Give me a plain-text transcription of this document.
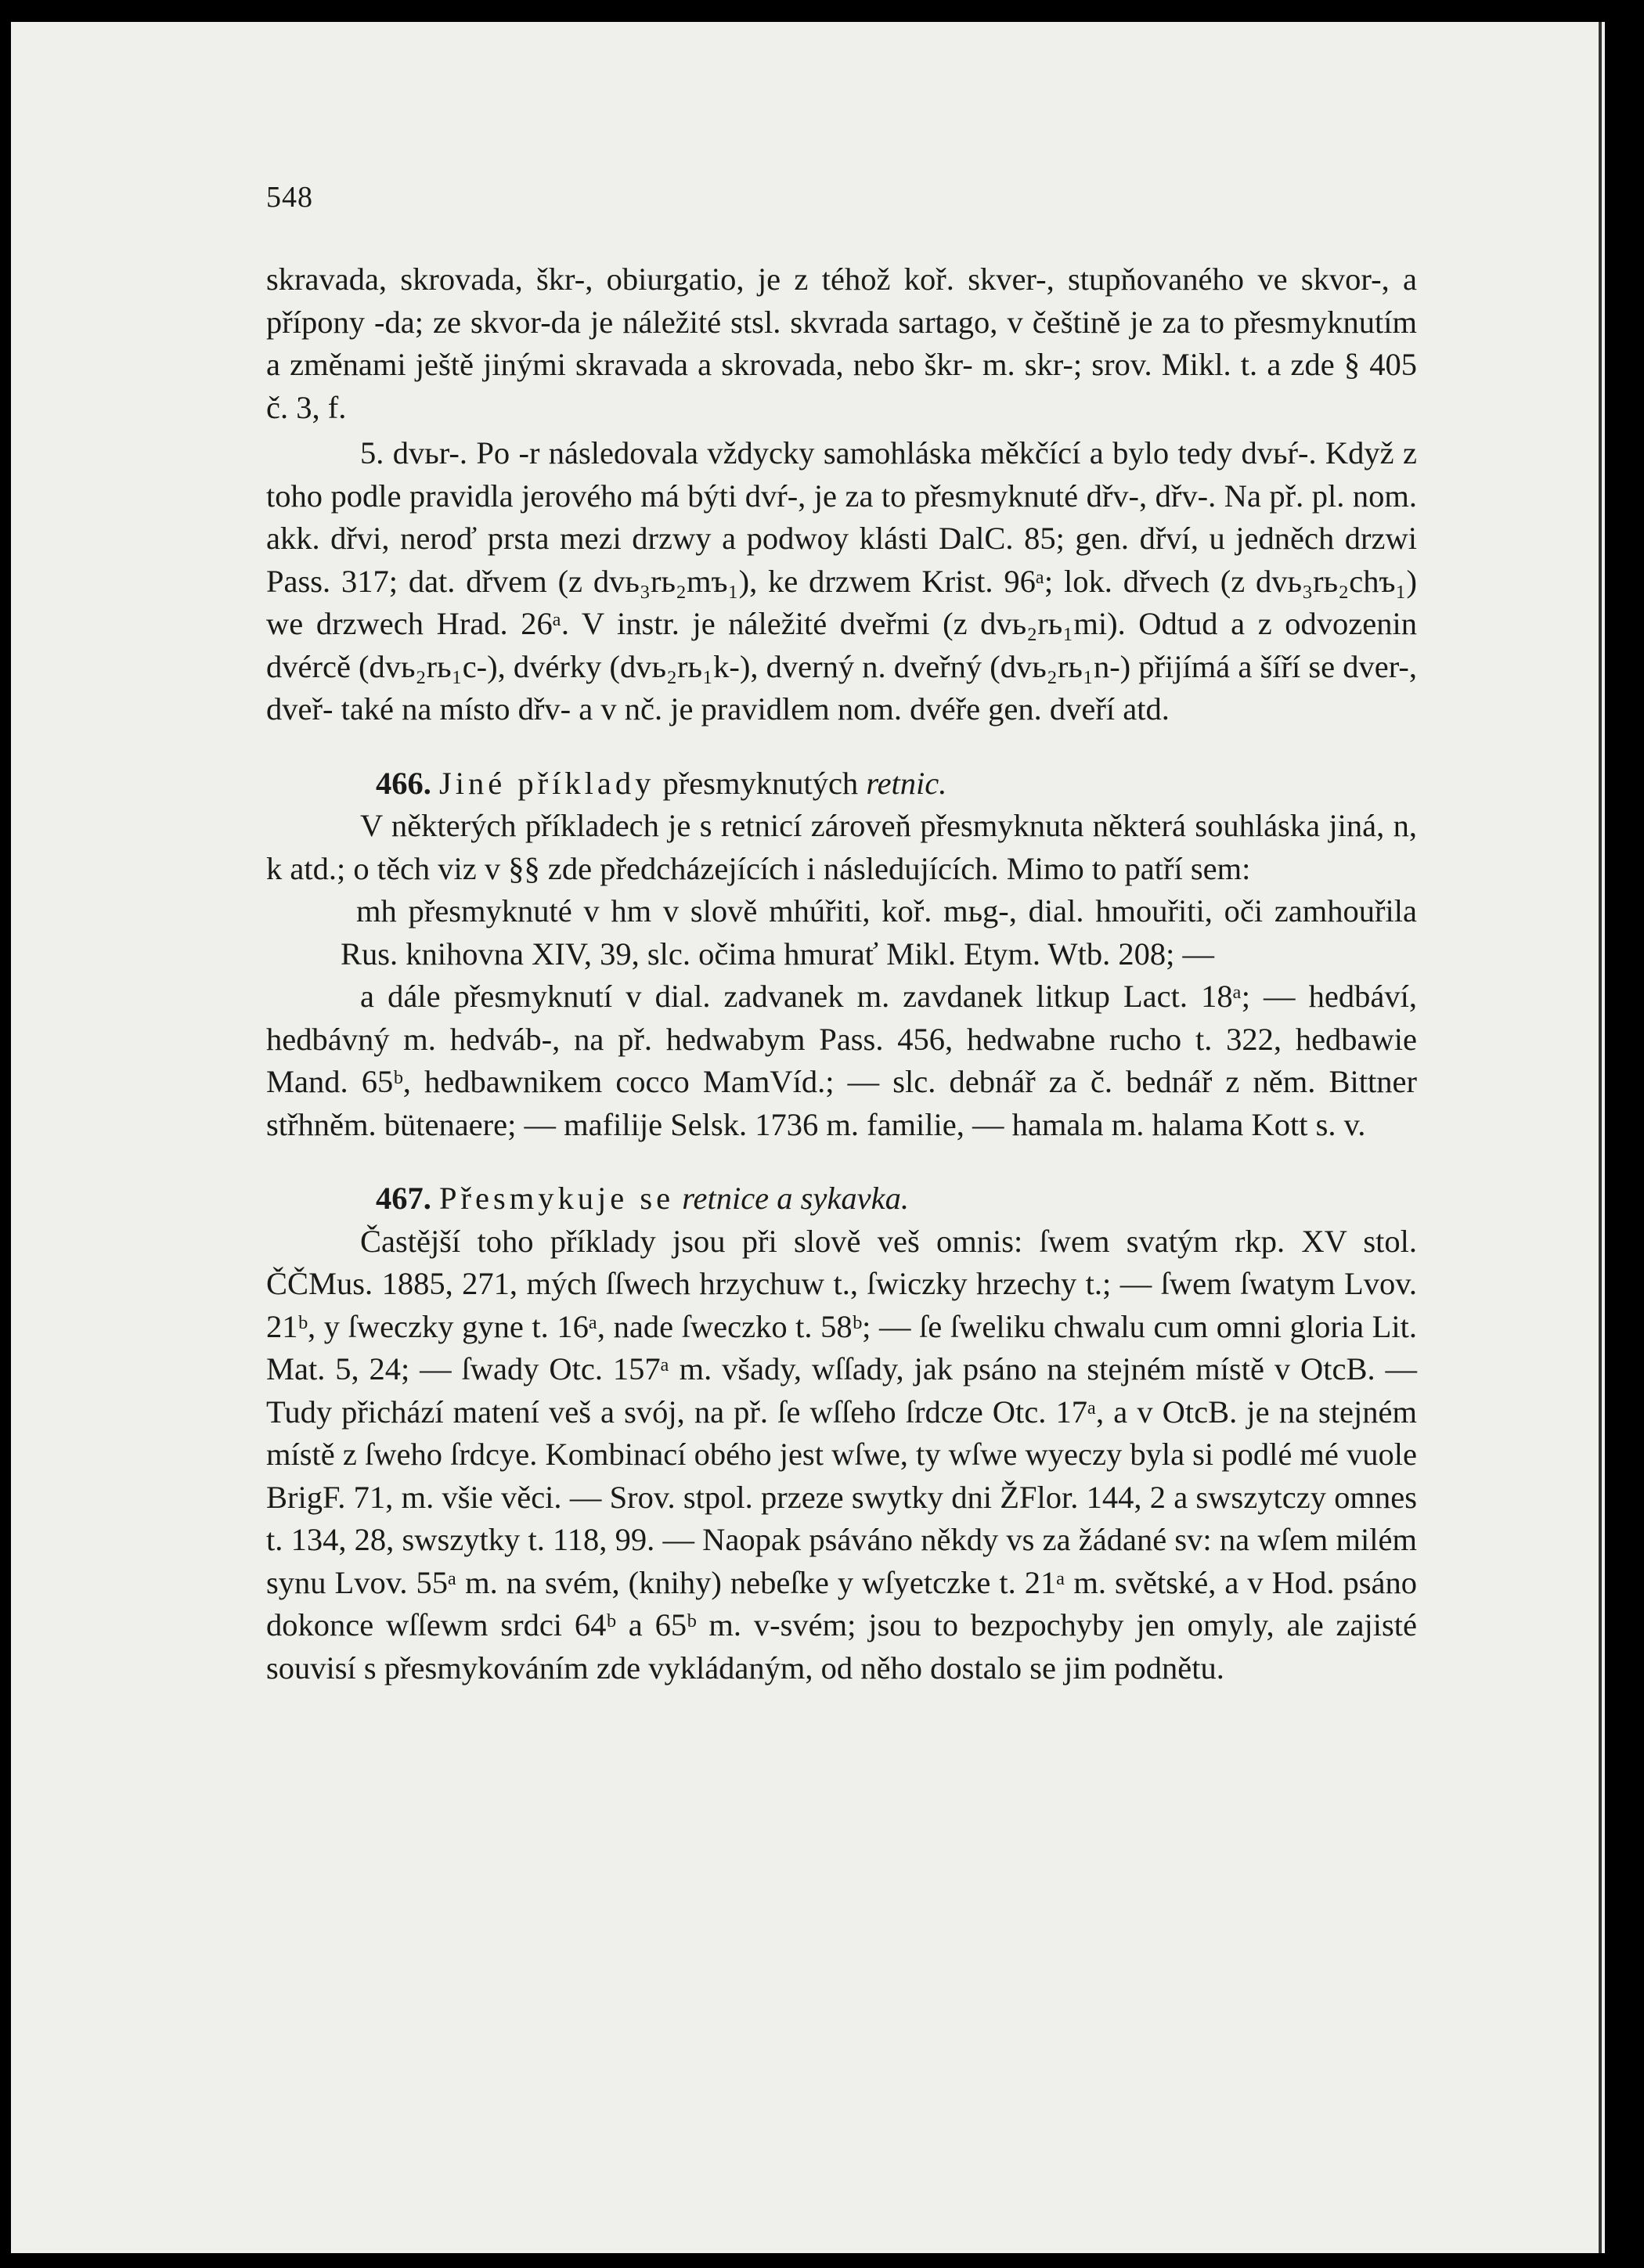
548

skravada, skrovada, škr-, obiurgatio, je z téhož koř. skver-, stupňovaného ve skvor-, a přípony -da; ze skvor-da je náležité stsl. skvrada sartago, v češtině je za to přesmyknutím a změnami ještě jinými skravada a skrovada, nebo škr- m. skr-; srov. Mikl. t. a zde § 405 č. 3, f.

5. dvьr-. Po -r následovala vždycky samohláska měkčící a bylo tedy dvьŕ-. Když z toho podle pravidla jerového má býti dvŕ-, je za to přesmyknuté dřv-, dřv-. Na př. pl. nom. akk. dřvi, neroď prsta mezi drzwy a podwoy klásti DalC. 85; gen. dřví, u jedněch drzwi Pass. 317; dat. dřvem (z dvь₃rь₂mъ₁), ke drzwem Krist. 96ᵃ; lok. dřvech (z dvь₃rь₂chъ₁) we drzwech Hrad. 26ᵃ. V instr. je náležité dveřmi (z dvь₂rь₁mi). Odtud a z odvozenin dvércě (dvь₂rь₁c-), dvérky (dvь₂rь₁k-), dverný n. dveřný (dvь₂rь₁n-) přijímá a šíří se dver-, dveř- také na místo dřv- a v nč. je pravidlem nom. dvéře gen. dveří atd.

466. Jiné příklady přesmyknutých retnic.

V některých příkladech je s retnicí zároveň přesmyknuta některá souhláska jiná, n, k atd.; o těch viz v §§ zde předcházejících i následujících. Mimo to patří sem:

mh přesmyknuté v hm v slově mhúřiti, koř. mьg-, dial. hmouřiti, oči zamhouřila Rus. knihovna XIV, 39, slc. očima hmurať Mikl. Etym. Wtb. 208; —

a dále přesmyknutí v dial. zadvanek m. zavdanek litkup Lact. 18ᵃ; — hedbáví, hedbávný m. hedváb-, na př. hedwabym Pass. 456, hedwabne rucho t. 322, hedbawie Mand. 65ᵇ, hedbawnikem cocco MamVíd.; — slc. debnář za č. bednář z něm. Bittner střhněm. bütenaere; — mafilije Selsk. 1736 m. familie, — hamala m. halama Kott s. v.

467. Přesmykuje se retnice a sykavka.

Častější toho příklady jsou při slově veš omnis: ſwem svatým rkp. XV stol. ČČMus. 1885, 271, mých ſſwech hrzychuw t., ſwiczky hrzechy t.; — ſwem ſwatym Lvov. 21ᵇ, y ſweczky gyne t. 16ᵃ, nade ſweczko t. 58ᵇ; — ſe ſweliku chwalu cum omni gloria Lit. Mat. 5, 24; — ſwady Otc. 157ᵃ m. všady, wſſady, jak psáno na stejném místě v OtcB. — Tudy přichází matení veš a svój, na př. ſe wſſeho ſrdcze Otc. 17ᵃ, a v OtcB. je na stejném místě z ſweho ſrdcye. Kombinací obého jest wſwe, ty wſwe wyeczy byla si podlé mé vuole BrigF. 71, m. všie věci. — Srov. stpol. przeze swytky dni ŽFlor. 144, 2 a swszytczy omnes t. 134, 28, swszytky t. 118, 99. — Naopak psáváno někdy vs za žádané sv: na wſem milém synu Lvov. 55ᵃ m. na svém, (knihy) nebeſke y wſyetczke t. 21ᵃ m. světské, a v Hod. psáno dokonce wſſewm srdci 64ᵇ a 65ᵇ m. v-svém; jsou to bezpochyby jen omyly, ale zajisté souvisí s přesmykováním zde vykládaným, od něho dostalo se jim podnětu.
